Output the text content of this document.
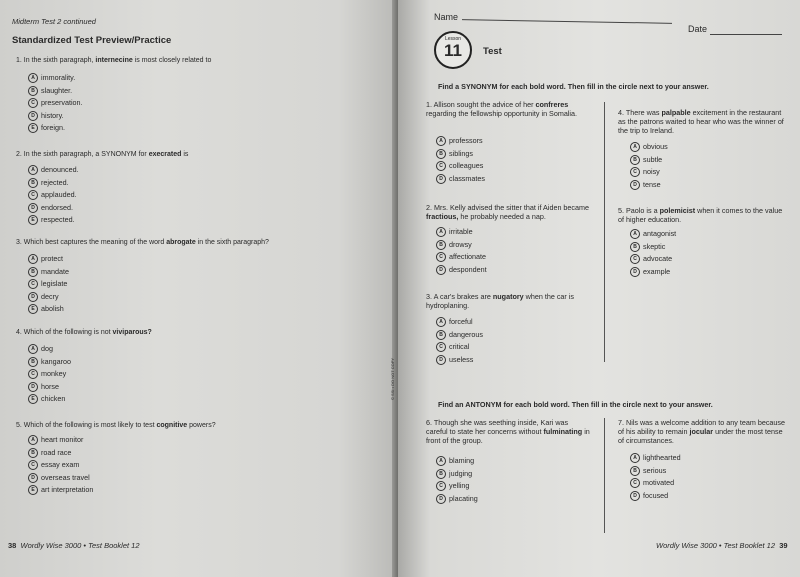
Midterm Test 2 continued
Standardized Test Preview/Practice
1. In the sixth paragraph, internecine is most closely related to
A immorality.
B slaughter.
C preservation.
D history.
E foreign.
2. In the sixth paragraph, a SYNONYM for execrated is
A denounced.
B rejected.
C applauded.
D endorsed.
E respected.
3. Which best captures the meaning of the word abrogate in the sixth paragraph?
A protect
B mandate
C legislate
D decry
E abolish
4. Which of the following is not viviparous?
A dog
B kangaroo
C monkey
D horse
E chicken
5. Which of the following is most likely to test cognitive powers?
A heart monitor
B road race
C essay exam
D overseas travel
E art interpretation
38 Wordly Wise 3000 • Test Booklet 12
Name
Date
Test
Find a SYNONYM for each bold word. Then fill in the circle next to your answer.
1. Allison sought the advice of her confreres regarding the fellowship opportunity in Somalia.
A professors
B siblings
C colleagues
D classmates
2. Mrs. Kelly advised the sitter that if Aiden became fractious, he probably needed a nap.
A irritable
B drowsy
C affectionate
D despondent
3. A car's brakes are nugatory when the car is hydroplaning.
A forceful
B dangerous
C critical
D useless
4. There was palpable excitement in the restaurant as the patrons waited to hear who was the winner of the trip to Ireland.
A obvious
B subtle
C noisy
D tense
5. Paolo is a polemicist when it comes to the value of higher education.
A antagonist
B skeptic
C advocate
D example
Find an ANTONYM for each bold word. Then fill in the circle next to your answer.
6. Though she was seething inside, Kari was careful to state her concerns without fulminating in front of the group.
A blaming
B judging
C yelling
D placating
7. Nils was a welcome addition to any team because of his ability to remain jocular under the most tense of circumstances.
A lighthearted
B serious
C motivated
D focused
© SSI • DO NOT COPY
Wordly Wise 3000 • Test Booklet 12 39
Lesson
11
